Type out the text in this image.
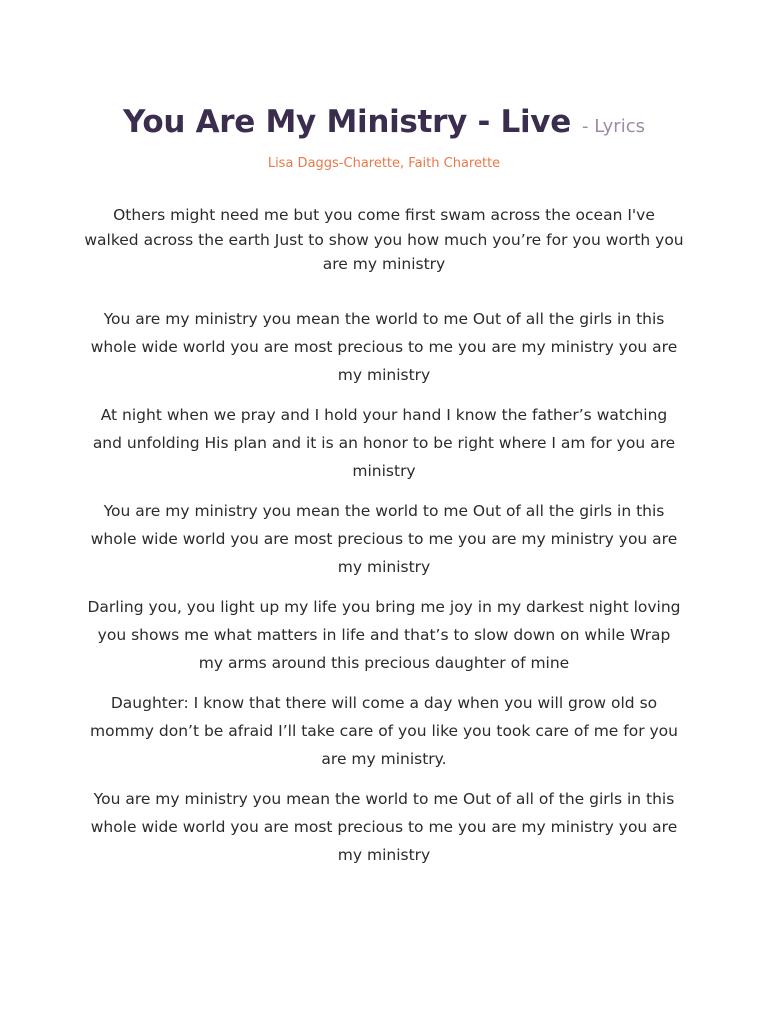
You Are My Ministry - Live - Lyrics
Lisa Daggs-Charette, Faith Charette

Others might need me but you come first swam across the ocean I've walked across the earth Just to show you how much you’re for you worth you are my ministry

You are my ministry you mean the world to me Out of all the girls in this whole wide world you are most precious to me you are my ministry you are my ministry

At night when we pray and I hold your hand I know the father’s watching and unfolding His plan and it is an honor to be right where I am for you are ministry

You are my ministry you mean the world to me Out of all the girls in this whole wide world you are most precious to me you are my ministry you are my ministry

Darling you, you light up my life you bring me joy in my darkest night loving you shows me what matters in life and that’s to slow down on while Wrap my arms around this precious daughter of mine

Daughter: I know that there will come a day when you will grow old so mommy don’t be afraid I’ll take care of you like you took care of me for you are my ministry.

You are my ministry you mean the world to me Out of all of the girls in this whole wide world you are most precious to me you are my ministry you are my ministry
